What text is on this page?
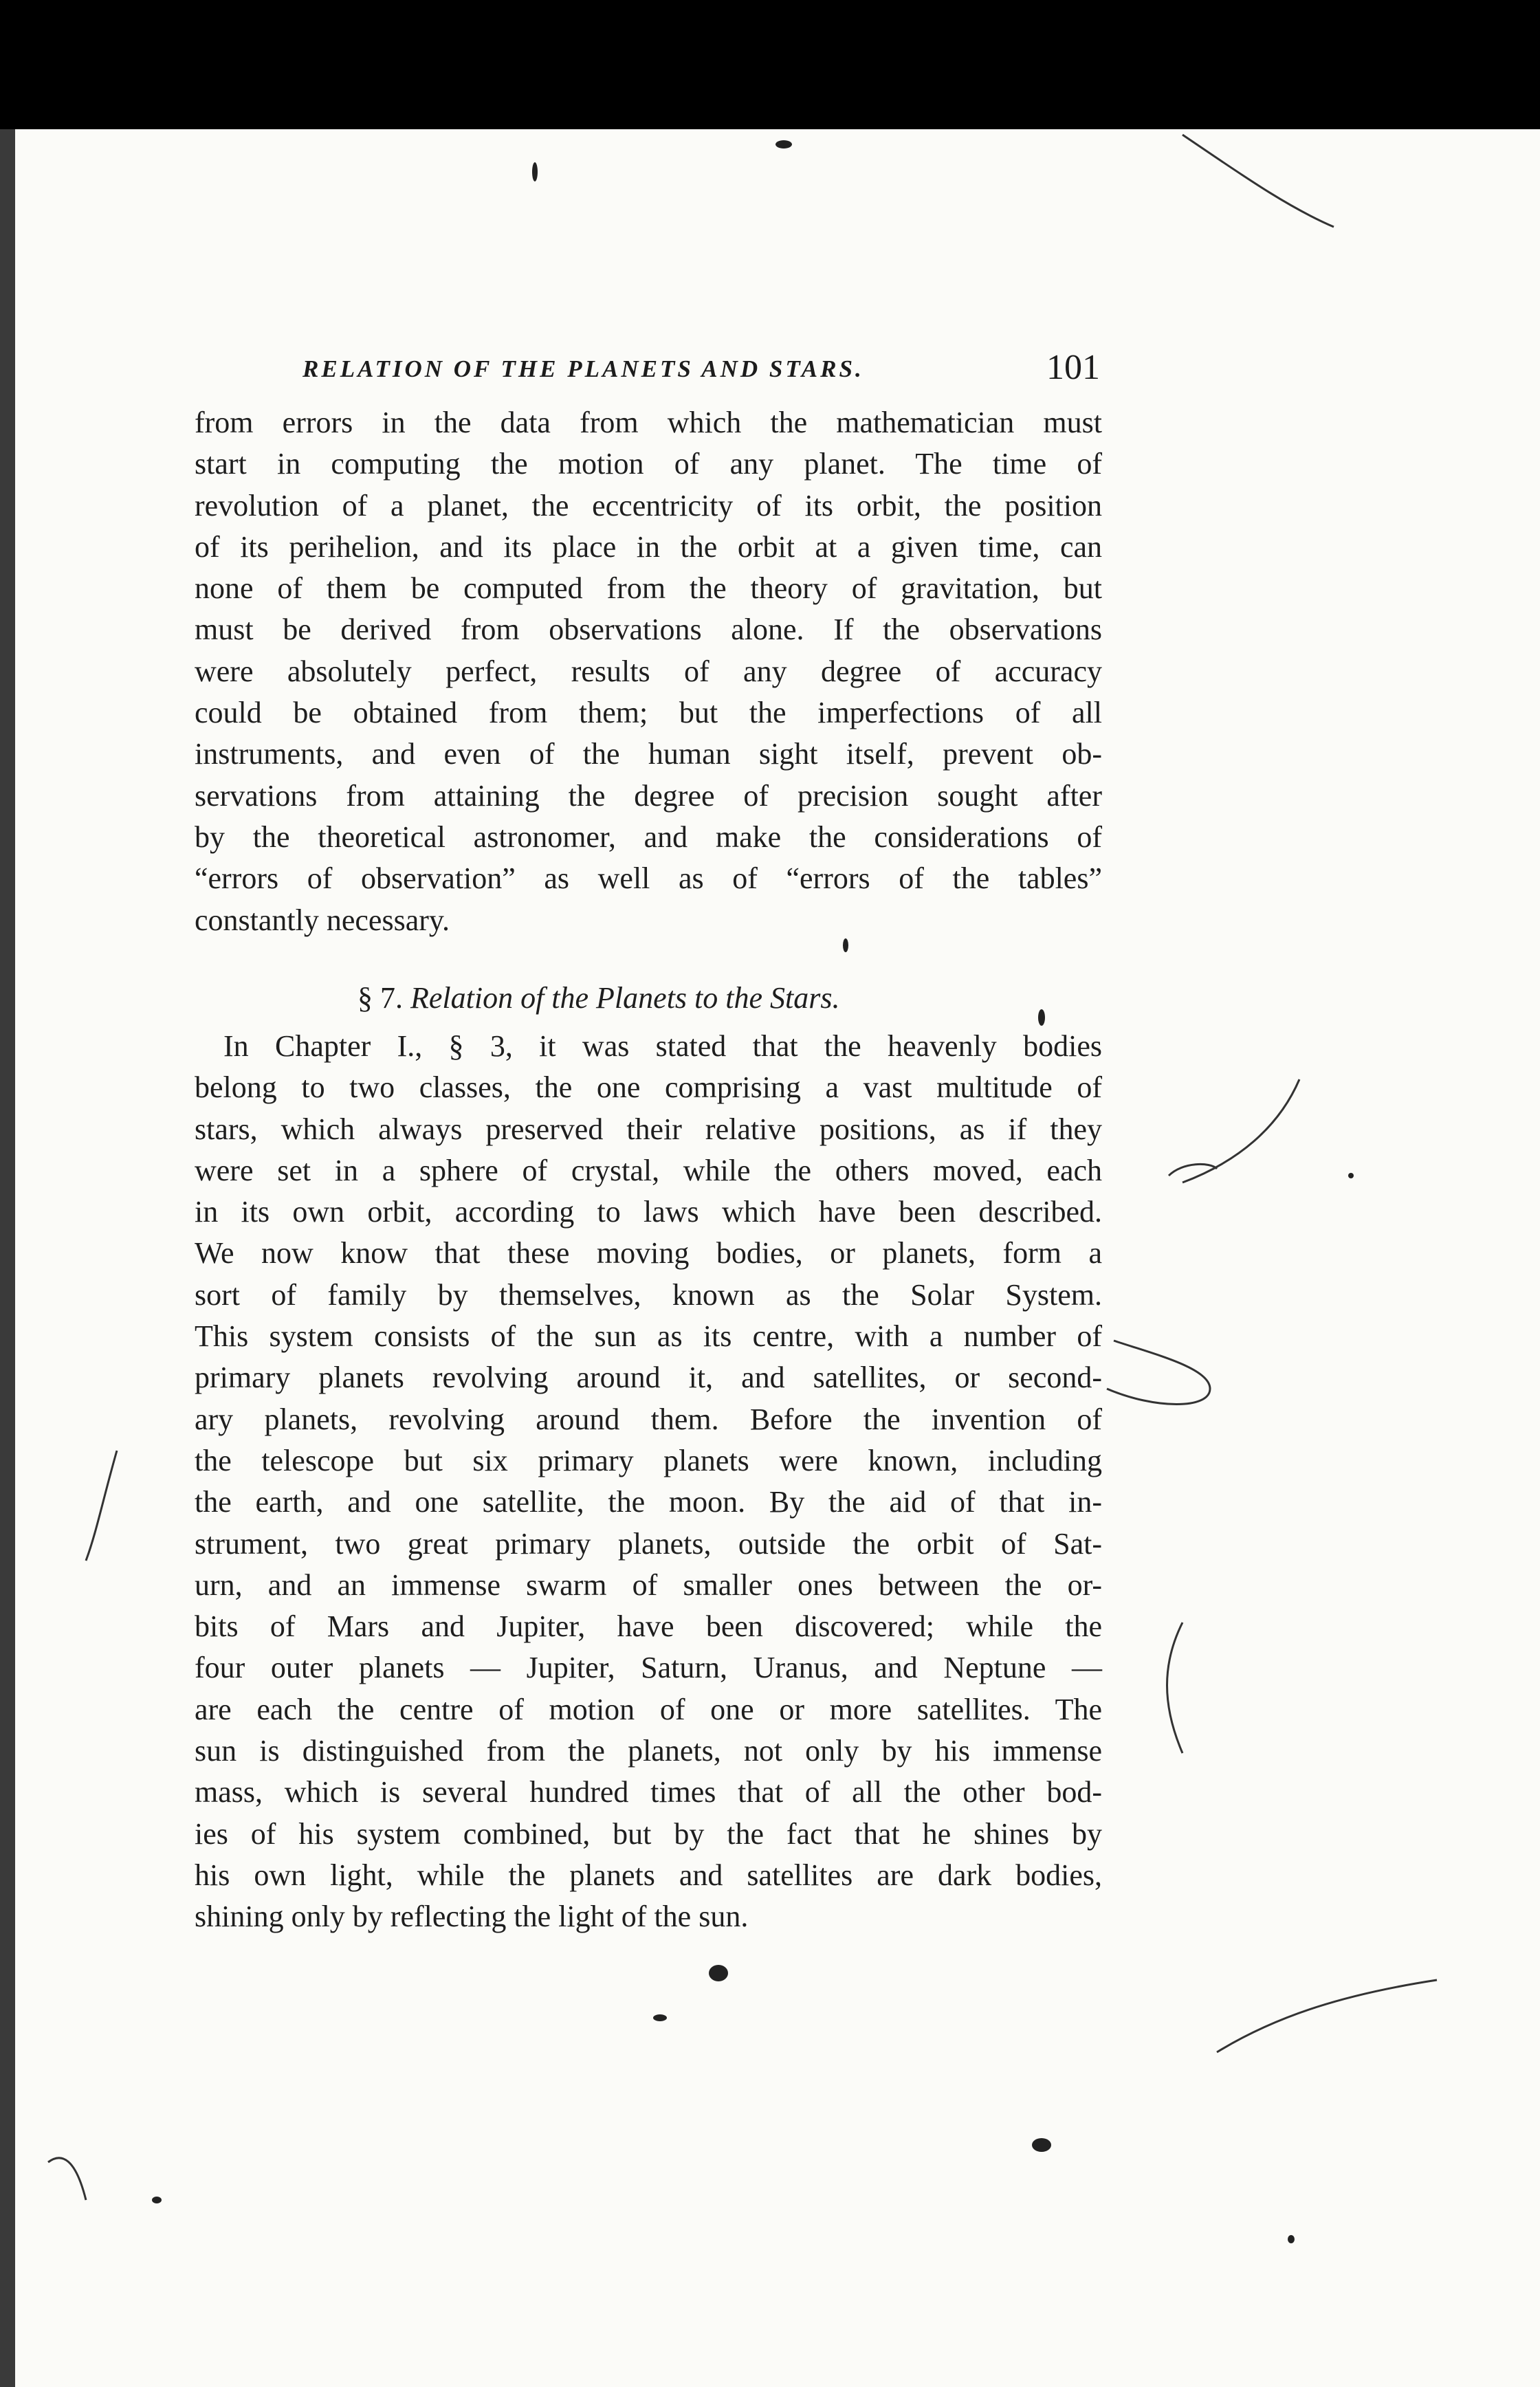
RELATION OF THE PLANETS AND STARS.	101
from errors in the data from which the mathematician must
start in computing the motion of any planet. The time of
revolution of a planet, the eccentricity of its orbit, the position
of its perihelion, and its place in the orbit at a given time, can
none of them be computed from the theory of gravitation, but
must be derived from observations alone. If the observations
were absolutely perfect, results of any degree of accuracy
could be obtained from them; but the imperfections of all
instruments, and even of the human sight itself, prevent ob-
servations from attaining the degree of precision sought after
by the theoretical astronomer, and make the considerations of
“errors of observation” as well as of “errors of the tables”
constantly necessary.
§ 7. Relation of the Planets to the Stars.
In Chapter I., § 3, it was stated that the heavenly bodies
belong to two classes, the one comprising a vast multitude of
stars, which always preserved their relative positions, as if they
were set in a sphere of crystal, while the others moved, each
in its own orbit, according to laws which have been described.
We now know that these moving bodies, or planets, form a
sort of family by themselves, known as the Solar System.
This system consists of the sun as its centre, with a number of
primary planets revolving around it, and satellites, or second-
ary planets, revolving around them. Before the invention of
the telescope but six primary planets were known, including
the earth, and one satellite, the moon. By the aid of that in-
strument, two great primary planets, outside the orbit of Sat-
urn, and an immense swarm of smaller ones between the or-
bits of Mars and Jupiter, have been discovered; while the
four outer planets — Jupiter, Saturn, Uranus, and Neptune —
are each the centre of motion of one or more satellites. The
sun is distinguished from the planets, not only by his immense
mass, which is several hundred times that of all the other bod-
ies of his system combined, but by the fact that he shines by
his own light, while the planets and satellites are dark bodies,
shining only by reflecting the light of the sun.
